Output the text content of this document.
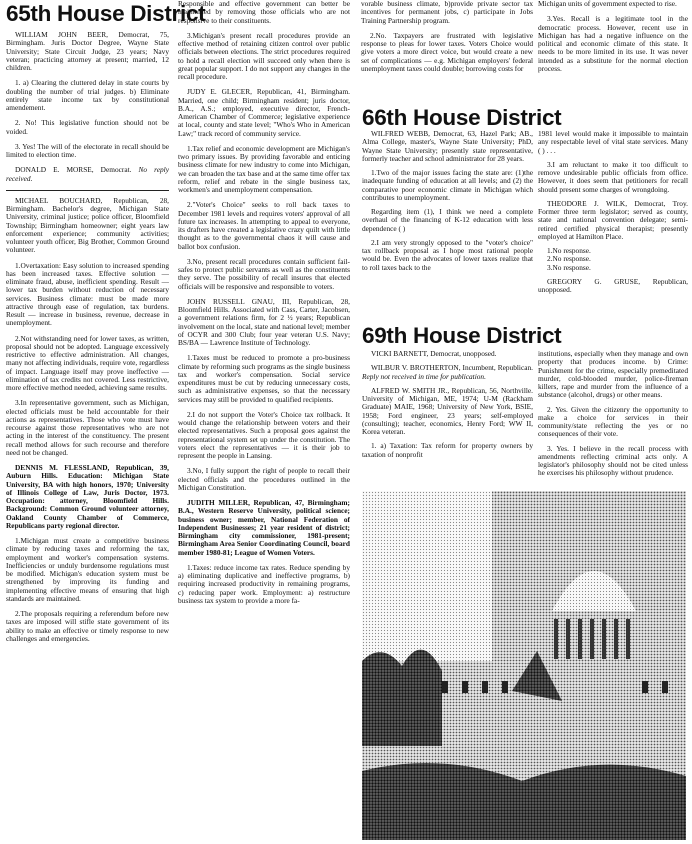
65th House District

WILLIAM JOHN BEER, Democrat, 75, Birmingham. Juris Doctor Degree, Wayne State University; State Circuit Judge, 23 years; Navy veteran; practicing attorney at present; married, 12 children.

1. a) Clearing the cluttered delay in state courts by doubling the number of trial judges. b) Eliminate entirely state income tax by constitutional amendement.

2. No! This legislative function should not be voided.

3. Yes! The will of the electorate in recall should be limited to election time.

DONALD E. MORSE, Democrat. No reply received.

MICHAEL BOUCHARD, Republican, 28, Birmingham. Bachelor's degree, Michigan State University, criminal justice; police officer, Bloomfield Township; Birmingham homeowner; eight years law enforcement experience; community activities; volunteer youth officer, Big Brother, Common Ground volunteer.

1.Overtaxation: Easy solution to increased spending has been increased taxes. Effective solution — eliminate fraud, abuse, inefficient spending. Result — lower tax burden without reduction of necessary services. Business climate: must be made more attractive through ease of regulation, tax burdens. Result — increase in business, revenue, decrease in unemployment.

2.Not withstanding need for lower taxes, as written, proposal should not be adopted. Language excessively restrictive to effective administration. All changes, many not affecting individuals, require vote, regardless of impact. Language itself may prove ineffective — elimination of tax credits not covered. Less restrictive, more effective method needed, achieving same results.

3.In representative government, such as Michigan, elected officials must be held accountable for their actions as representatives. Those who vote must have recourse against those representatives who are not acting in the interest of the constituency. The present recall method allows for such recourse and therefore need not be changed.

DENNIS M. FLESSLAND, Republican, 39, Auburn Hills. Education: Michigan State University, BA with high honors, 1970; University of Illinois College of Law, Juris Doctor, 1973. Occupation: attorney, Bloomfield Hills. Background: Common Ground volunteer attorney, Oakland County Chamber of Commerce, Republicans party regional director.

1.Michigan must create a competitive business climate by reducing taxes and reforming the tax, employment and worker's compensation systems. Inefficiencies or unduly burdensome regulations must be modified. Michigan's education system must be strengthened by improving its funding and implementing effective means of ensuring that high standards are maintained.

2.The proposals requiring a referendum before new taxes are imposed will stifle state government of its ability to make an effective or timely response to new challenges and emergencies.

Responsible and effective government can better be maintained by removing those officials who are not responsive to their constituents.

3.Michigan's present recall procedures provide an effective method of retaining citizen control over public officials between elections. The strict procedures required to hold a recall election will succeed only when there is great popular support. I do not support any changes in the recall procedure.

JUDY E. GLECER, Republican, 41, Birmingham. Married, one child; Birmingham resident; juris doctor, B.A., A.S.; employed, executive director, French-American Chamber of Commerce; legislative experience at local, county and state level; "Who's Who in American Law;" track record of community service.

1.Tax relief and economic development are Michigan's two primary issues. By providing favorable and enticing business climate for new industry to come into Michigan, we can broaden the tax base and at the same time offer tax reform, relief and rebate in the single business tax, workmen's and unemployment compensation.

2."Voter's Choice" seeks to roll back taxes to December 1981 levels and requires voters' approval of all future tax increases. In attempting to appeal to everyone, its drafters have created a legislative crazy quilt with little thought as to the governmental chaos it will cause and ballot box confusion.

3.No, present recall procedures contain sufficient fail-safes to protect public servants as well as the constituents they serve. The possibility of recall insures that elected officials will be responsive and responsible to voters.

JOHN RUSSELL GNAU, III, Republican, 28, Bloomfield Hills. Associated with Cass, Carter, Jacobsen, a government relations firm, for 2 ½ years; Republican involvement on the local, state and national level; member of OCYR and 300 Club; four year veteran U.S. Navy; BS/BA — Lawrence Institute of Technology.

1.Taxes must be reduced to promote a pro-business climate by reforming such programs as the single business tax and worker's compensation. Social service expenditures must be cut by reducing unnecessary costs, such as administrative expenses, so that the necessary services may still be provided to qualified recipients.

2.I do not support the Voter's Choice tax rollback. It would change the relationship between voters and their elected representatives. Such a proposal goes against the representational system set up under the constitution. The voters elect the representatives — it is their job to represent the people in Lansing.

3.No, I fully support the right of people to recall their elected officials and the procedures outlined in the Michigan Constitution.

JUDITH MILLER, Republican, 47, Birmingham; B.A., Western Reserve University, political science; business owner; member, National Federation of Independent Businesses; 21 year resident of district; Birmingham city commissioner, 1981-present; Birmingham Area Senior Coordinating Council, board member 1980-81; League of Women Voters.

1.Taxes: reduce income tax rates. Reduce spending by a) eliminating duplicative and ineffective programs, b) requiring increased productivity in remaining programs, c) reducing paper work. Employment: a) restructure business tax system to provide a more fa-

vorable business climate, b)provide private sector tax incentives for permanent jobs, c) participate in Jobs Training Partnership program.

2.No. Taxpayers are frustrated with legislative response to pleas for lower taxes. Voters Choice would give voters a more direct voice, but would create a new set of complications — e.g. Michigan employers' federal unemployment taxes could double; borrowing costs for

Michigan units of government expected to rise.

3.Yes. Recall is a legitimate tool in the democratic process. However, recent use in Michigan has had a negative influence on the political and economic climate of this state. It needs to be more limited in its use. It was never intended as a substitute for the normal election process.

66th House District

WILFRED WEBB, Democrat, 63, Hazel Park; AB., Alma College, master's, Wayne State University; PhD, Wayne State University; presently state representative, formerly teacher and school administrator for 28 years.

1.Two of the major issues facing the state are: (1)the inadequate funding of education at all levels; and (2) the comparative poor economic climate in Michigan which contributes to unemployment.

Regarding item (1), I think we need a complete overhaul of the financing of K-12 education with less dependence ( )

2.I am very strongly opposed to the "voter's choice" tax rollback proposal as I hope most rational people would be. Even the advocates of lower taxes realize that to roll taxes back to the

1981 level would make it impossible to maintain any respectable level of vital state services. Many ( ) . . .

3.I am reluctant to make it too difficult to remove undesirable public officials from office. However, it does seem that petitioners for recall should present some charges of wrongdoing.

THEODORE J. WILK, Democrat, Troy. Former three term legislator; served as county, state and national convention delegate; semi-retired certified physical therapist; presently employed at Hamilton Place.

1.No response.

2.No response.

3.No response.

GREGORY G. GRUSE, Republican, unopposed.

69th House District

VICKI BARNETT, Democrat, unopposed.

WILBUR V. BROTHERTON, Incumbent, Republican. Reply not received in time for publication.

ALFRED W. SMITH JR., Republican, 56, Northville. University of Michigan, ME, 1974; U-M (Rackham Graduate) MAIE, 1968; University of New York, BSIE, 1958; Ford engineer, 23 years; self-employed (consulting); teacher, economics, Henry Ford; WW II, Korea veteran.

1. a) Taxation: Tax reform for property owners by taxation of nonprofit

institutions, especially when they manage and own property that produces income. b) Crime: Punishment for the crime, especially premeditated murder, cold-blooded murder, police-fireman killers, rape and murder from the influence of a substance (alcohol, drugs) or other means.

2. Yes. Given the citizenry the opportunity to make a choice for services in their community/state reflecting the yes or no consequences of their vote.

3. Yes. I believe in the recall process with amendments reflecting criminal acts only. A legislator's philosophy should not be cited unless he exercises his philosophy without prudence.
